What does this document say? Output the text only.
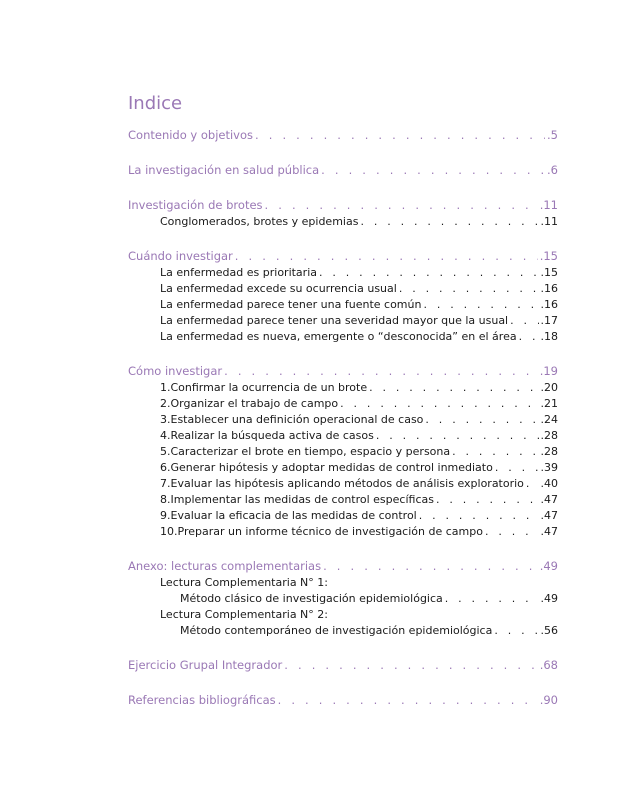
Indice
Contenido y objetivos . . .	.5
La investigación en salud pública . . .	.6
Investigación de brotes . . .	.11
Conglomerados, brotes y epidemias . . .	.11
Cuándo investigar . . .	.15
La enfermedad es prioritaria . . .	.15
La enfermedad excede su ocurrencia usual . . .	.16
La enfermedad parece tener una fuente común . . .	.16
La enfermedad parece tener una severidad mayor que la usual . . .	.17
La enfermedad es nueva, emergente o “desconocida” en el área . . . .18
Cómo investigar . . .	.19
1. Confirmar la ocurrencia de un brote . . .	.20
2. Organizar el trabajo de campo . . .	.21
3. Establecer una definición operacional de caso . . .	.24
4. Realizar la búsqueda activa de casos . . .	.28
5. Caracterizar el brote en tiempo, espacio y persona . . .	.28
6. Generar hipótesis y adoptar medidas de control inmediato . . .	.39
7. Evaluar las hipótesis aplicando métodos de análisis exploratorio . . . .40
8. Implementar las medidas de control específicas . . .	.47
9. Evaluar la eficacia de las medidas de control . . .	.47
10. Preparar un informe técnico de investigación de campo . . .	.47
Anexo: lecturas complementarias . . .	.49
Lectura Complementaria N° 1:
Método clásico de investigación epidemiológica . . .	.49
Lectura Complementaria N° 2:
Método contemporáneo de investigación epidemiológica . . .	.56
Ejercicio Grupal Integrador . . .	.68
Referencias bibliográficas . . .	.90
